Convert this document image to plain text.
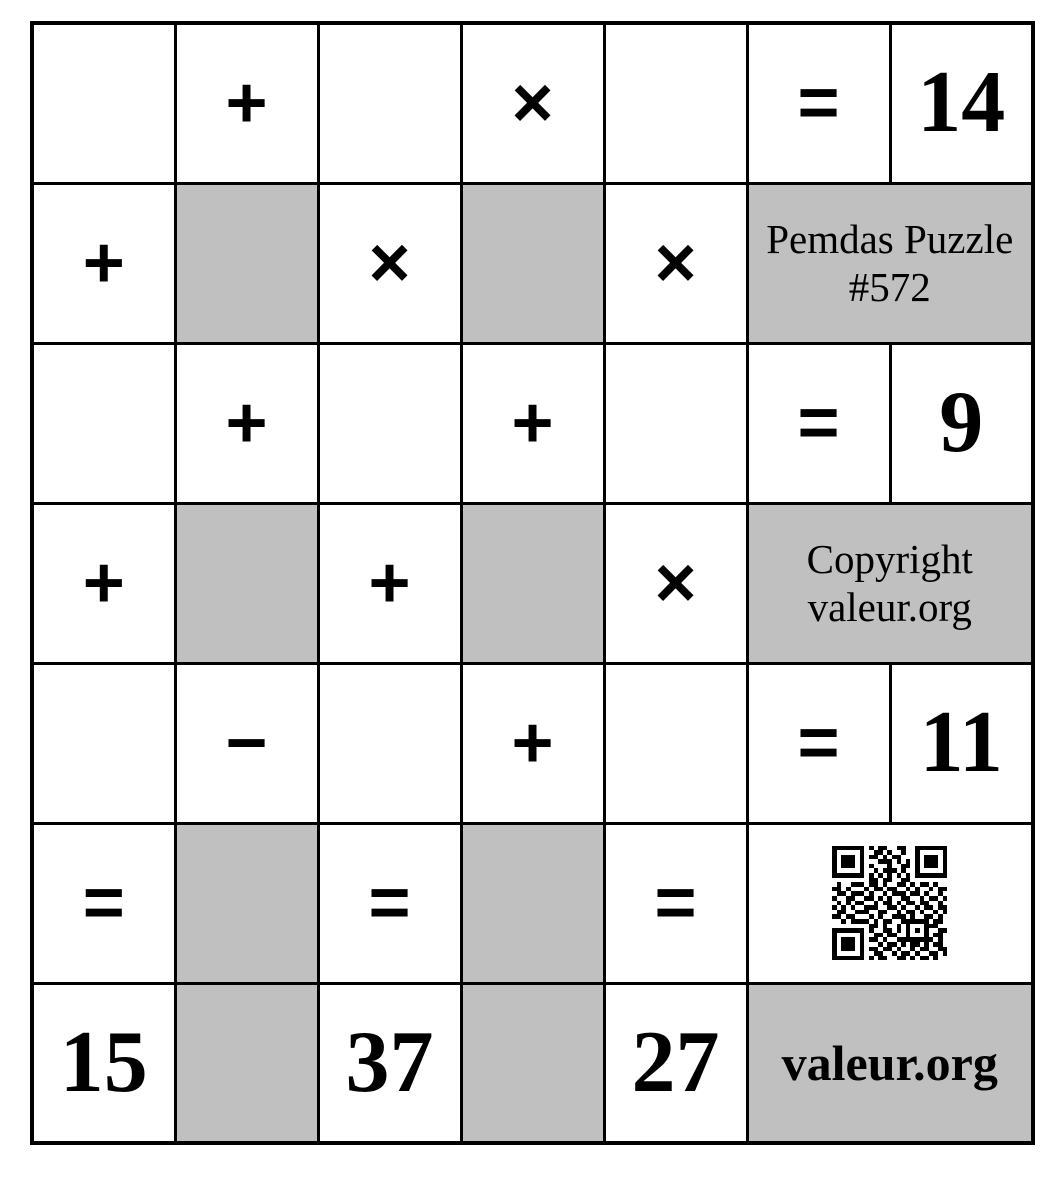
	+		×		=	14
+		×		×	Pemdas Puzzle
#572	

	+		+		=	9
+		+		×	Copyright
valeur.org	

	−		+		=	11
=		=		=		

15		37		27	valeur.org	
